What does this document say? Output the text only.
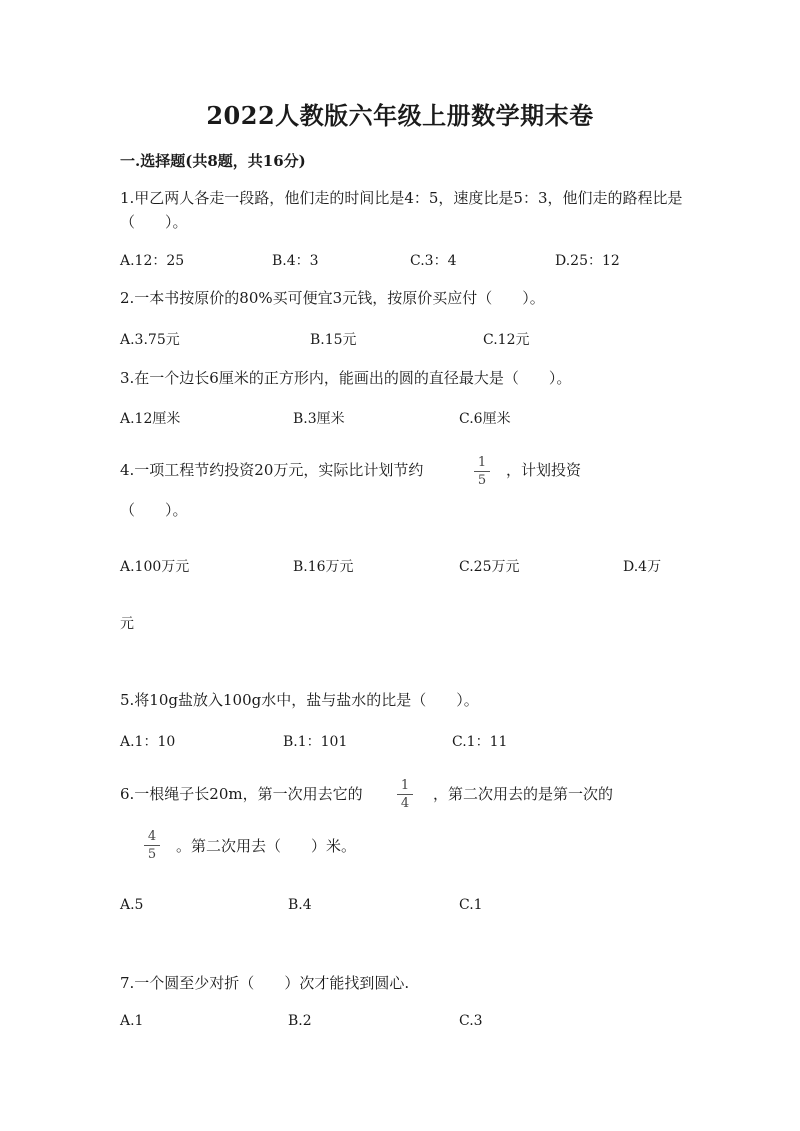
2022人教版六年级上册数学期末卷
一.选择题(共8题，共16分)
1.甲乙两人各走一段路，他们走的时间比是4：5，速度比是5：3，他们走的路程比是（　　）。
A.12：25	B.4：3	C.3：4	D.25：12
2.一本书按原价的80%买可便宜3元钱，按原价买应付（　　）。
A.3.75元	B.15元	C.12元
3.在一个边长6厘米的正方形内，能画出的圆的直径最大是（　　）。
A.12厘米	B.3厘米	C.6厘米
4.一项工程节约投资20万元，实际比计划节约	1
5
，计划投资
（　　）。
A.100万元	B.16万元	C.25万元	D.4万
元
5.将10g盐放入100g水中，盐与盐水的比是（　　）。
A.1：10	B.1：101	C.1：11
6.一根绳子长20m，第一次用去它的	1
4
，第二次用去的是第一次的
4
5 。第二次用去（　　）米。
A.5	B.4	C.1
7.一个圆至少对折（　　）次才能找到圆心.
A.1	B.2	C.3
